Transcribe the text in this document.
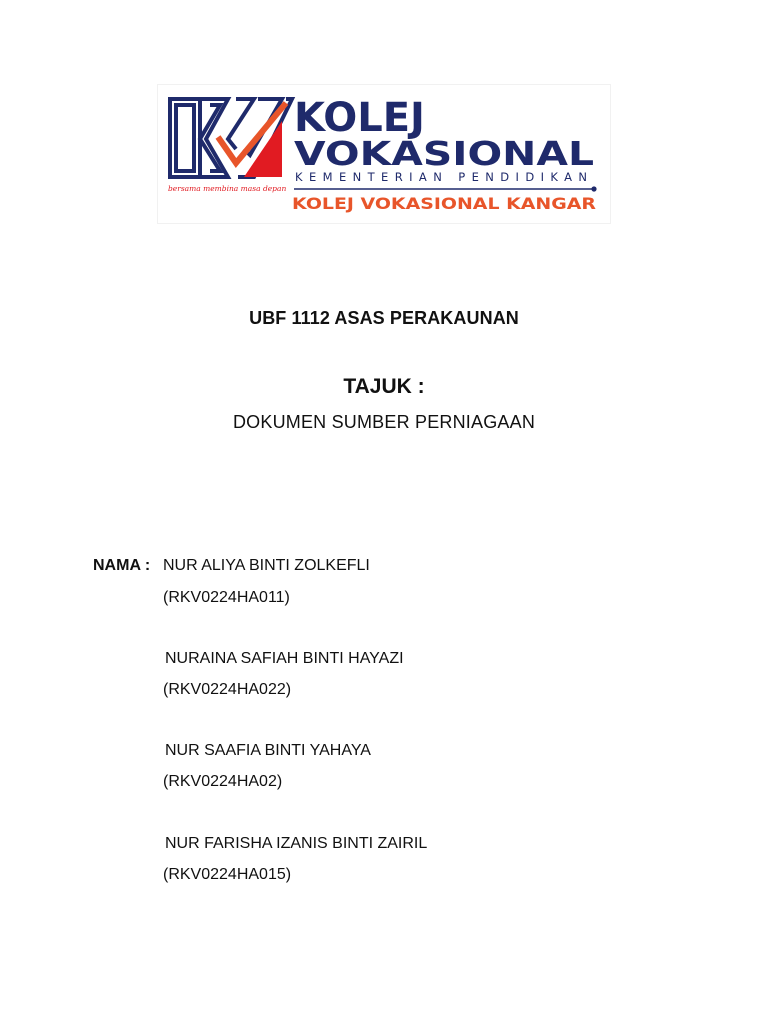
bersama membina masa depan
KOLEJ
VOKASIONAL
KEMENTERIAN PENDIDIKAN
KOLEJ VOKASIONAL KANGAR
UBF 1112 ASAS PERAKAUNAN
TAJUK :
DOKUMEN SUMBER PERNIAGAAN
NAMA : NUR ALIYA BINTI ZOLKEFLI
(RKV0224HA011)
NURAINA SAFIAH BINTI HAYAZI
(RKV0224HA022)
NUR SAAFIA BINTI YAHAYA
(RKV0224HA02)
NUR FARISHA IZANIS BINTI ZAIRIL
(RKV0224HA015)
